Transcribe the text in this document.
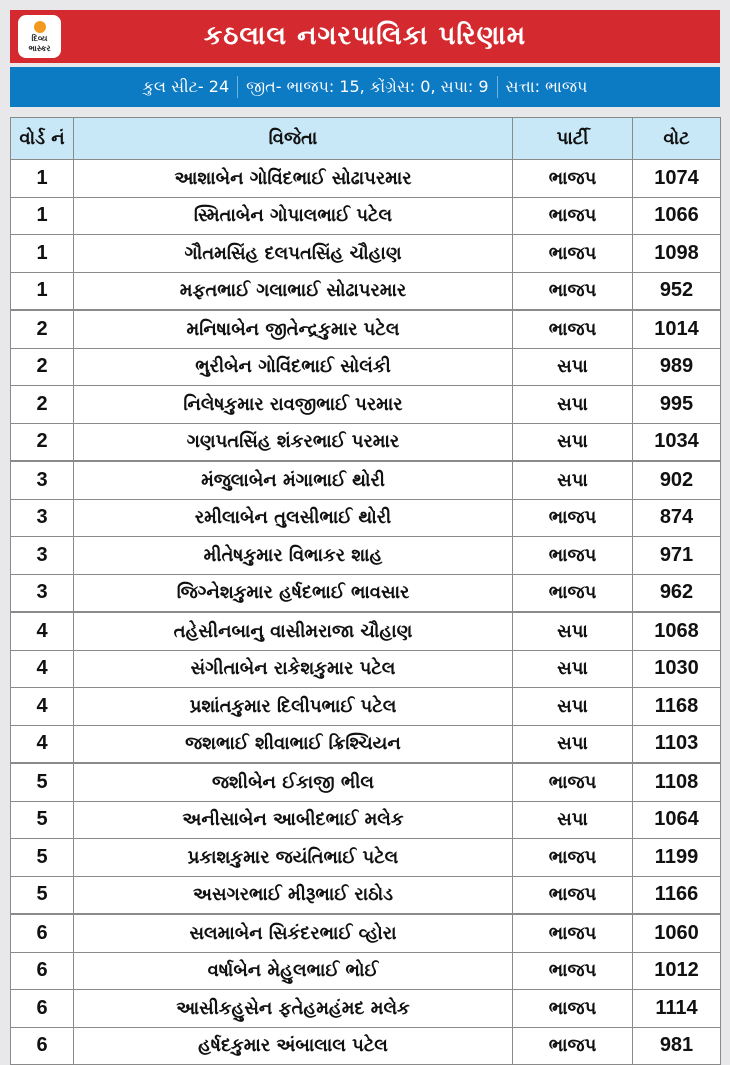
દિવ્ય
ભાસ્કર	કઠલાલ નગરપાલિકા પરિણામ
કુલ સીટ- 24 જીત- ભાજપ: 15, કોંગ્રેસ: 0, સપા: 9 સત્તા: ભાજપ
વોર્ડ નં	વિજેતા	પાર્ટી	વોટ
1	આશાબેન ગોવિંદભાઈ સોઢાપરમાર	ભાજપ	1074
1	સ્મિતાબેન ગોપાલભાઈ પટેલ	ભાજપ	1066
1	ગૌતમસિંહ દલપતસિંહ ચૌહાણ	ભાજપ	1098
1	મફતભાઈ ગલાભાઈ સોઢાપરમાર	ભાજપ	952
2	મનિષાબેન જીતેન્દ્રકુમાર પટેલ	ભાજપ	1014
2	ભુરીબેન ગોવિંદભાઈ સોલંકી	સપા	989
2	નિલેષકુમાર રાવજીભાઈ પરમાર	સપા	995
2	ગણપતસિંહ શંકરભાઈ પરમાર	સપા	1034
3	મંજુલાબેન મંગાભાઈ થોરી	સપા	902
3	રમીલાબેન તુલસીભાઈ થોરી	ભાજપ	874
3	મીતેષકુમાર વિભાકર શાહ	ભાજપ	971
3	જિગ્નેશકુમાર હર્ષદભાઈ ભાવસાર	ભાજપ	962
4	તહેસીનબાનુ વાસીમરાજા ચૌહાણ	સપા	1068
4	સંગીતાબેન રાકેશકુમાર પટેલ	સપા	1030
4	પ્રશાંતકુમાર દિલીપભાઈ પટેલ	સપા	1168
4	જશભાઈ શીવાભાઈ ક્રિશ્ચિયન	સપા	1103
5	જશીબેન ઈકાજી ભીલ	ભાજપ	1108
5	અનીસાબેન આબીદભાઈ મલેક	સપા	1064
5	પ્રકાશકુમાર જયંતિભાઈ પટેલ	ભાજપ	1199
5	અસગરભાઈ મીરૂભાઈ રાઠોડ	ભાજપ	1166
6	સલમાબેન સિકંદરભાઈ વ્હોરા	ભાજપ	1060
6	વર્ષાબેન મેહુલભાઈ ભોઈ	ભાજપ	1012
6	આસીકહુસેન ફતેહમહંમદ મલેક	ભાજપ	1114
6	હર્ષદકુમાર અંબાલાલ પટેલ	ભાજપ	981
